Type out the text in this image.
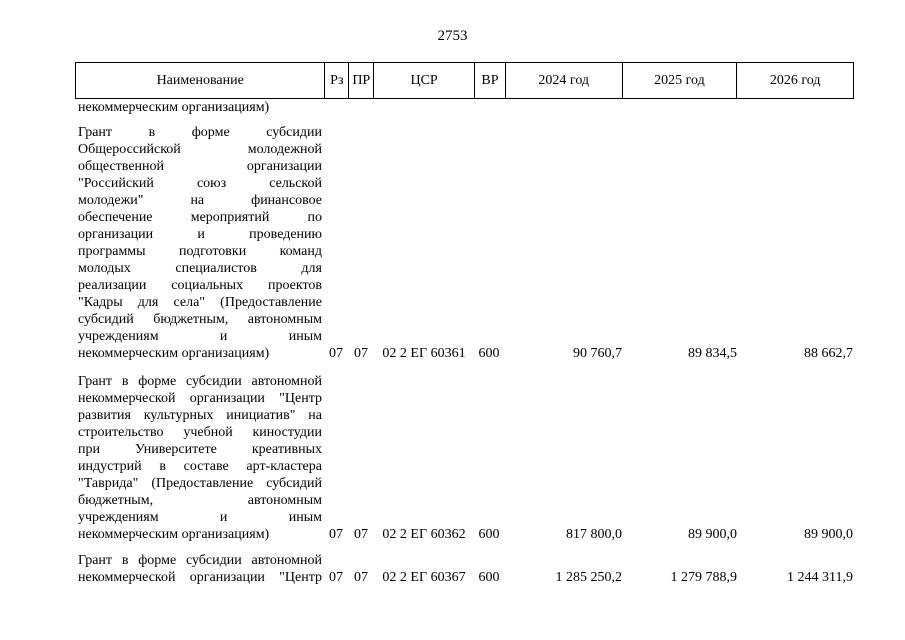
2753
Наименование	Рз ПР	ЦСР	ВР	2024 год	2025 год	2026 год
некоммерческим организациям)
Грант в форме субсидии
Общероссийской молодежной
общественной организации
"Российский союз сельской
молодежи" на финансовое
обеспечение мероприятий по
организации и проведению
программы подготовки команд
молодых специалистов для
реализации социальных проектов
"Кадры для села" (Предоставление
субсидий бюджетным, автономным
учреждениям и иным
некоммерческим организациям)	07 07	02 2 ЕГ 60361 600	90 760,7	89 834,5	88 662,7
Грант в форме субсидии автономной
некоммерческой организации "Центр
развития культурных инициатив" на
строительство учебной киностудии
при Университете креативных
индустрий в составе арт-кластера
"Таврида" (Предоставление субсидий
бюджетным, автономным
учреждениям и иным
некоммерческим организациям)	07 07	02 2 ЕГ 60362 600	817 800,0	89 900,0	89 900,0
Грант в форме субсидии автономной
некоммерческой организации "Центр 07 07	02 2 ЕГ 60367 600	1 285 250,2	1 279 788,9	1 244 311,9
